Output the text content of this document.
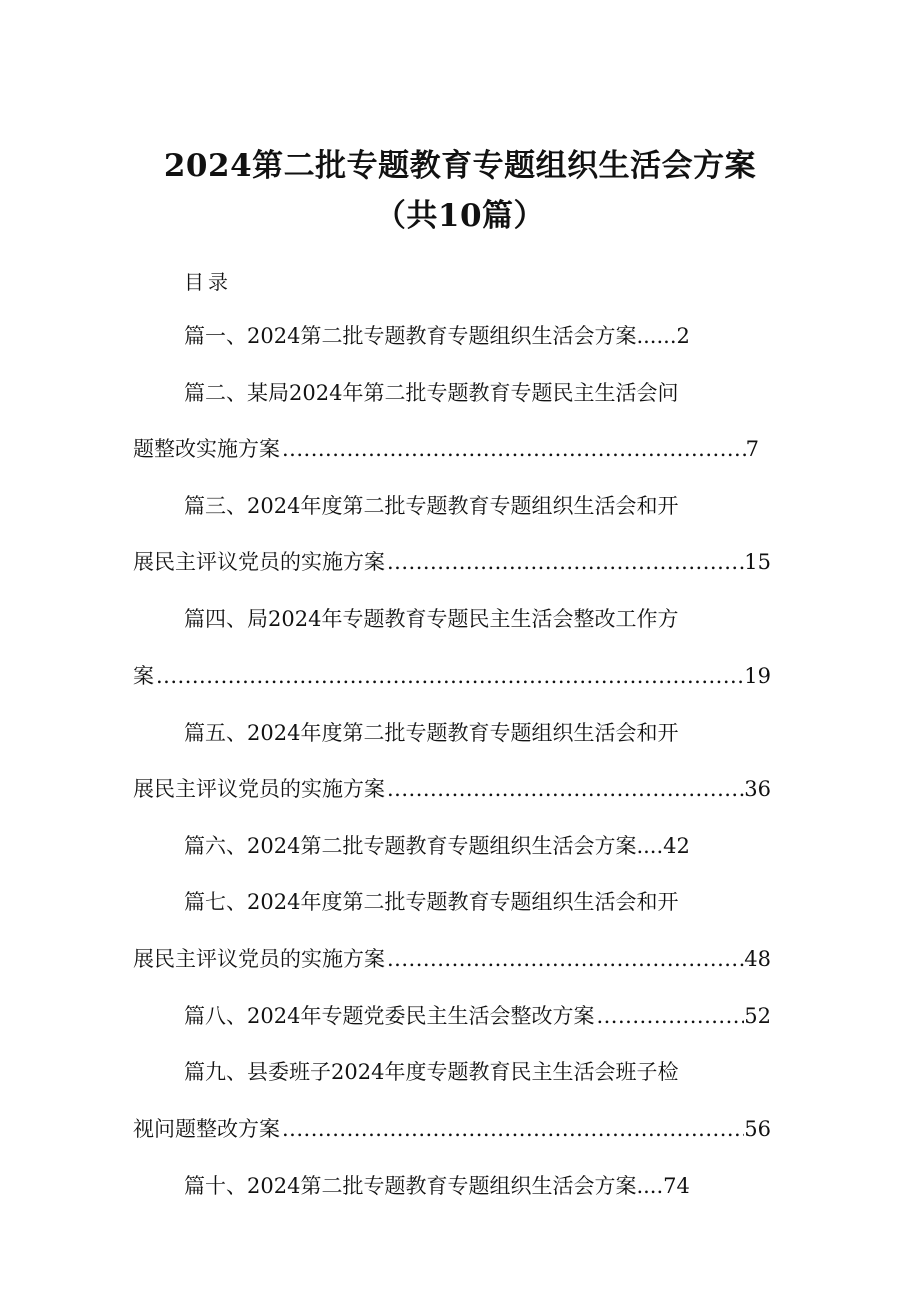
2024第二批专题教育专题组织生活会方案
（共10篇）
目录
篇一、2024第二批专题教育专题组织生活会方案......2
篇二、某局2024年第二批专题教育专题民主生活会问
题整改实施方案 .....	7
篇三、2024年度第二批专题教育专题组织生活会和开
展民主评议党员的实施方案 .....	15
篇四、局2024年专题教育专题民主生活会整改工作方
案 .....	19
篇五、2024年度第二批专题教育专题组织生活会和开
展民主评议党员的实施方案 .....	36
篇六、2024第二批专题教育专题组织生活会方案....42
篇七、2024年度第二批专题教育专题组织生活会和开
展民主评议党员的实施方案 .....	48
篇八、2024年专题党委民主生活会整改方案 .....	52
篇九、县委班子2024年度专题教育民主生活会班子检
视问题整改方案 .....	56
篇十、2024第二批专题教育专题组织生活会方案....74
